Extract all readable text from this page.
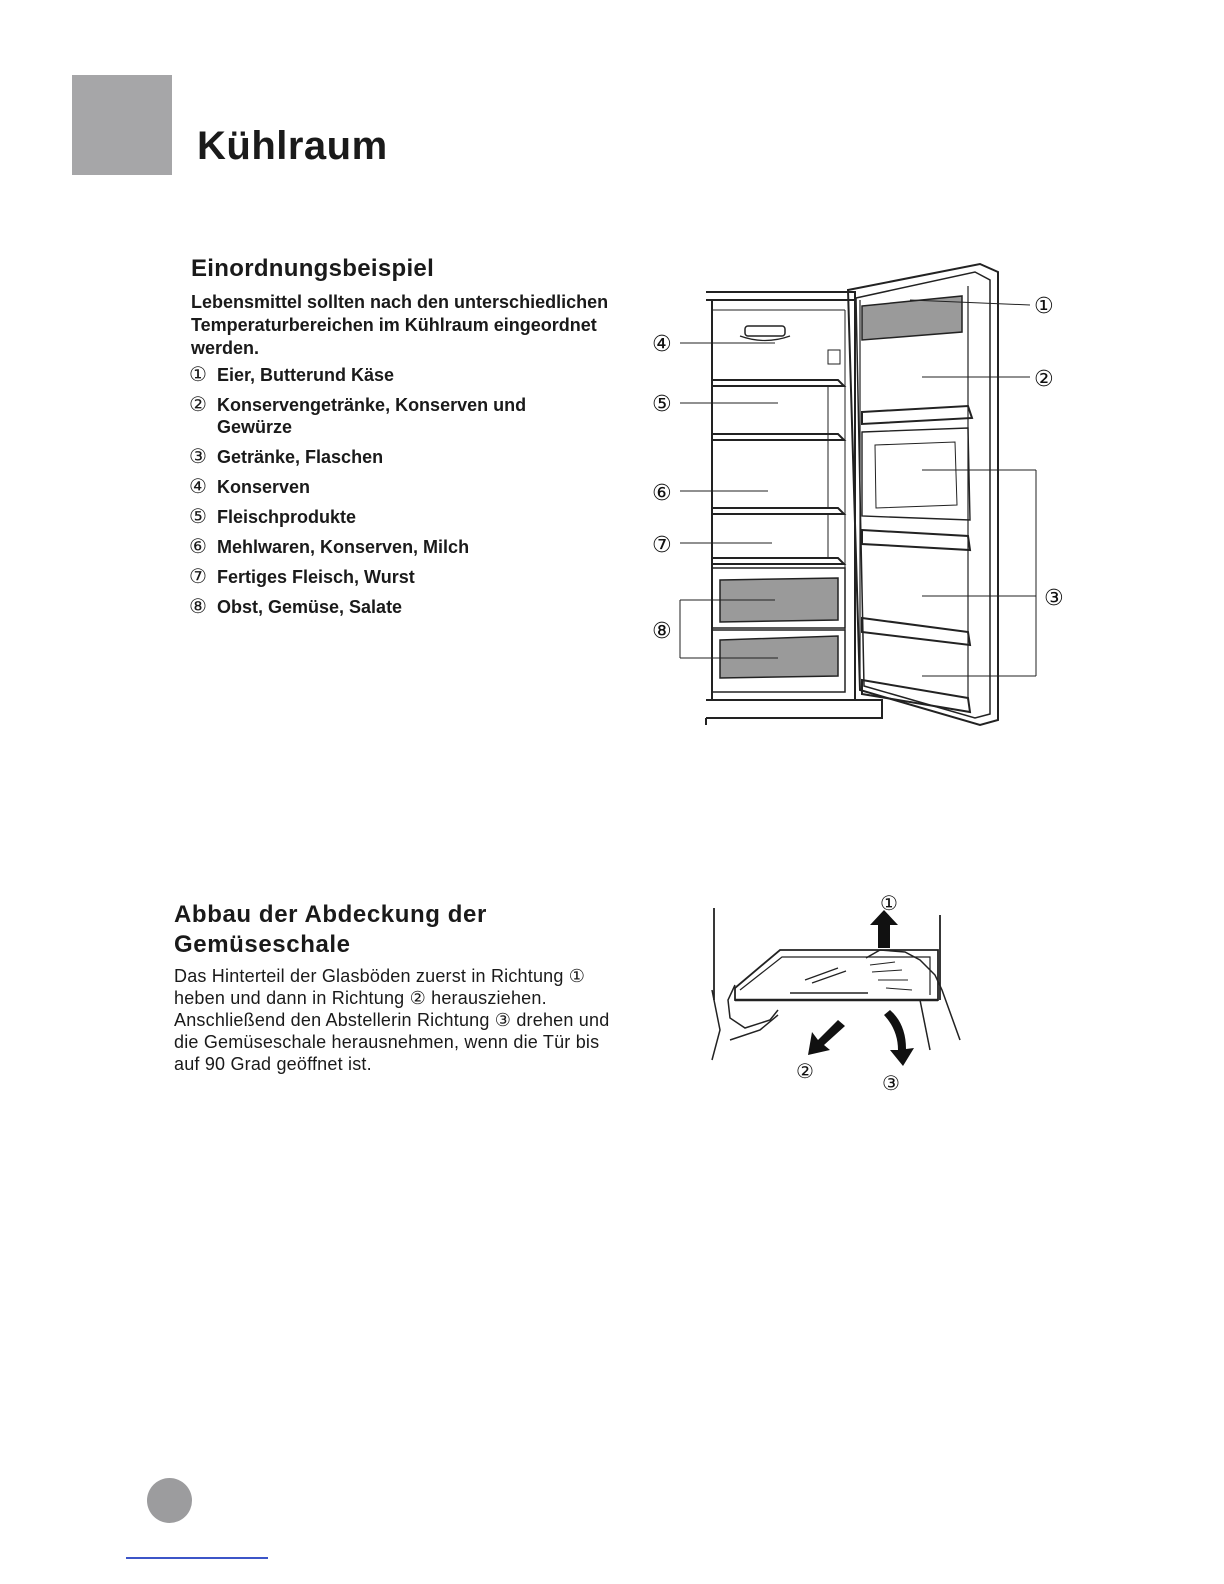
Kühlraum
Einordnungsbeispiel

Lebensmittel sollten nach den unterschiedlichen Temperaturbereichen im Kühlraum eingeordnet werden.

① Eier, Butterund Käse
② Konservengetränke, Konserven und Gewürze
③ Getränke, Flaschen
④ Konserven
⑤ Fleischprodukte
⑥ Mehlwaren, Konserven, Milch
⑦ Fertiges Fleisch, Wurst
⑧ Obst, Gemüse, Salate
①
②
③
④
⑤
⑥
⑦
⑧
Abbau der Abdeckung der Gemüseschale

Das Hinterteil der Glasböden zuerst in Richtung ① heben und dann in Richtung ② herausziehen. Anschließend den Abstellerin Richtung ③ drehen und die Gemüseschale herausnehmen, wenn die Tür bis auf 90 Grad geöffnet ist.

①
②	③
